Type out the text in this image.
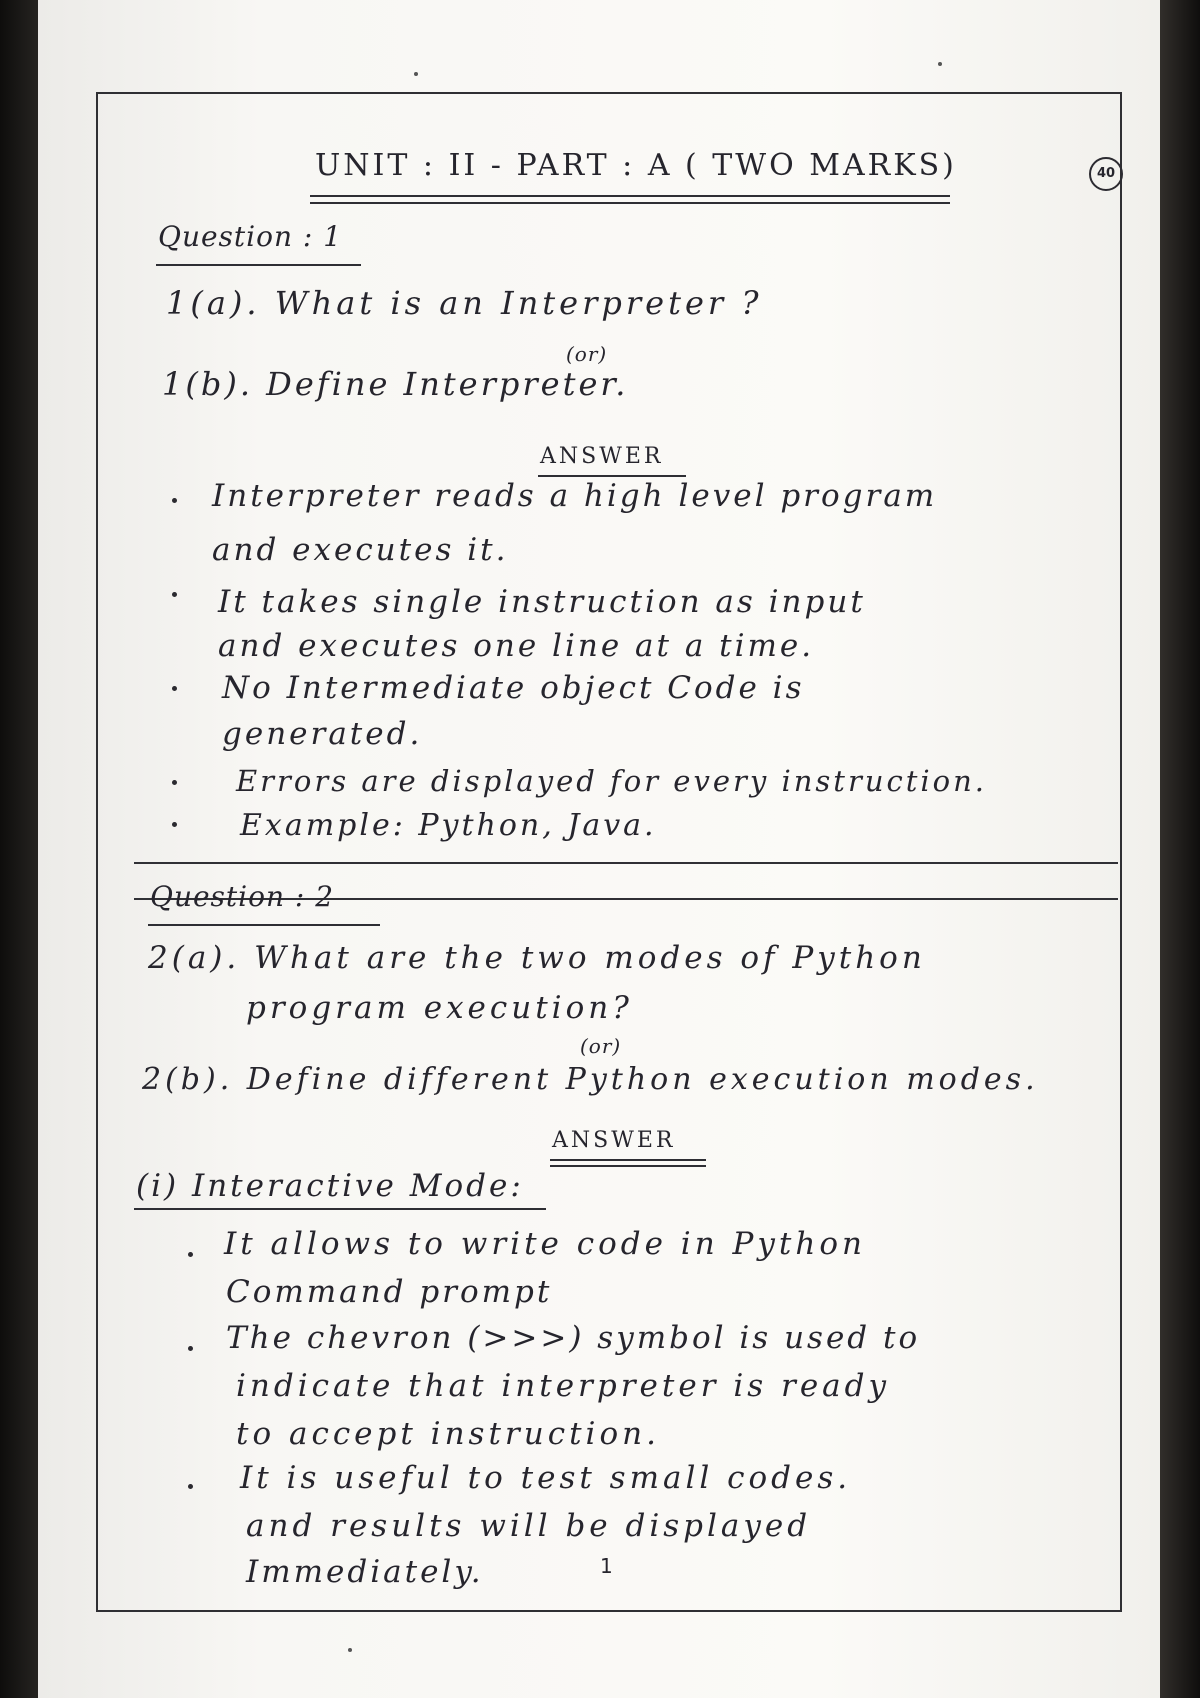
UNIT : II - PART : A ( TWO MARKS)	40

Question : 1

1(a). What is an Interpreter ?

(or)

1(b). Define Interpreter.

ANSWER

Interpreter reads a high level program

and executes it.

It takes single instruction as input

and executes one line at a time.

No Intermediate object Code is

generated.

Errors are displayed for every instruction.

Example: Python, Java.

Question : 2

2(a). What are the two modes of Python

program execution?

(or)

2(b). Define different Python execution modes.

ANSWER

(i) Interactive Mode:

It allows to write code in Python

Command prompt

The chevron (>>>) symbol is used to

indicate that interpreter is ready

to accept instruction.

It is useful to test small codes.

and results will be displayed

Immediately.	1
